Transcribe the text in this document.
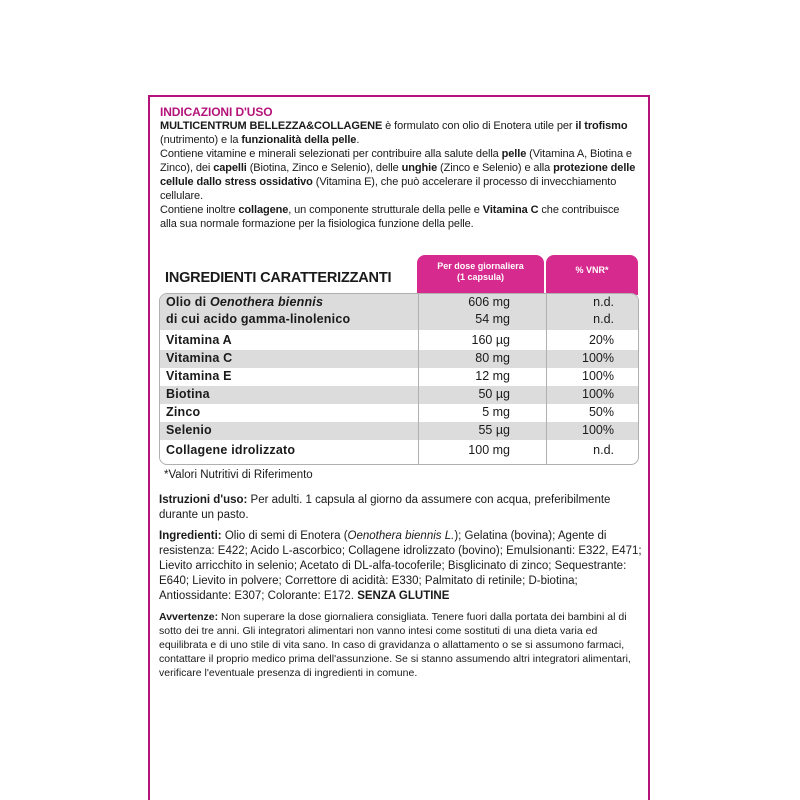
INDICAZIONI D'USO

MULTICENTRUM BELLEZZA&COLLAGENE è formulato con olio di Enotera utile per il trofismo (nutrimento) e la funzionalità della pelle.

Contiene vitamine e minerali selezionati per contribuire alla salute della pelle (Vitamina A, Biotina e Zinco), dei capelli (Biotina, Zinco e Selenio), delle unghie (Zinco e Selenio) e alla protezione delle cellule dallo stress ossidativo (Vitamina E), che può accelerare il processo di invecchiamento cellulare.

Contiene inoltre collagene, un componente strutturale della pelle e Vitamina C che contribuisce alla sua normale formazione per la fisiologica funzione della pelle.

INGREDIENTI CARATTERIZZANTI
Per dose giornaliera
(1 capsula)
% VNR*
Olio di Oenothera biennis	606 mg	n.d.
di cui acido gamma-linolenico	54 mg	n.d.
Vitamina A	160 µg	20%
Vitamina C	80 mg	100%
Vitamina E	12 mg	100%
Biotina	50 µg	100%
Zinco	5 mg	50%
Selenio	55 µg	100%
Collagene idrolizzato	100 mg	n.d.
*Valori Nutritivi di Riferimento

Istruzioni d'uso: Per adulti. 1 capsula al giorno da assumere con acqua, preferibilmente durante un pasto.

Ingredienti: Olio di semi di Enotera (Oenothera biennis L.); Gelatina (bovina); Agente di resistenza: E422; Acido L-ascorbico; Collagene idrolizzato (bovino); Emulsionanti: E322, E471; Lievito arricchito in selenio; Acetato di DL-alfa-tocoferile; Bisglicinato di zinco; Sequestrante: E640; Lievito in polvere; Correttore di acidità: E330; Palmitato di retinile; D-biotina; Antiossidante: E307; Colorante: E172. SENZA GLUTINE

Avvertenze: Non superare la dose giornaliera consigliata. Tenere fuori dalla portata dei bambini al di sotto dei tre anni. Gli integratori alimentari non vanno intesi come sostituti di una dieta varia ed equilibrata e di uno stile di vita sano. In caso di gravidanza o allattamento o se si assumono farmaci, contattare il proprio medico prima dell'assunzione. Se si stanno assumendo altri integratori alimentari, verificare l'eventuale presenza di ingredienti in comune.
